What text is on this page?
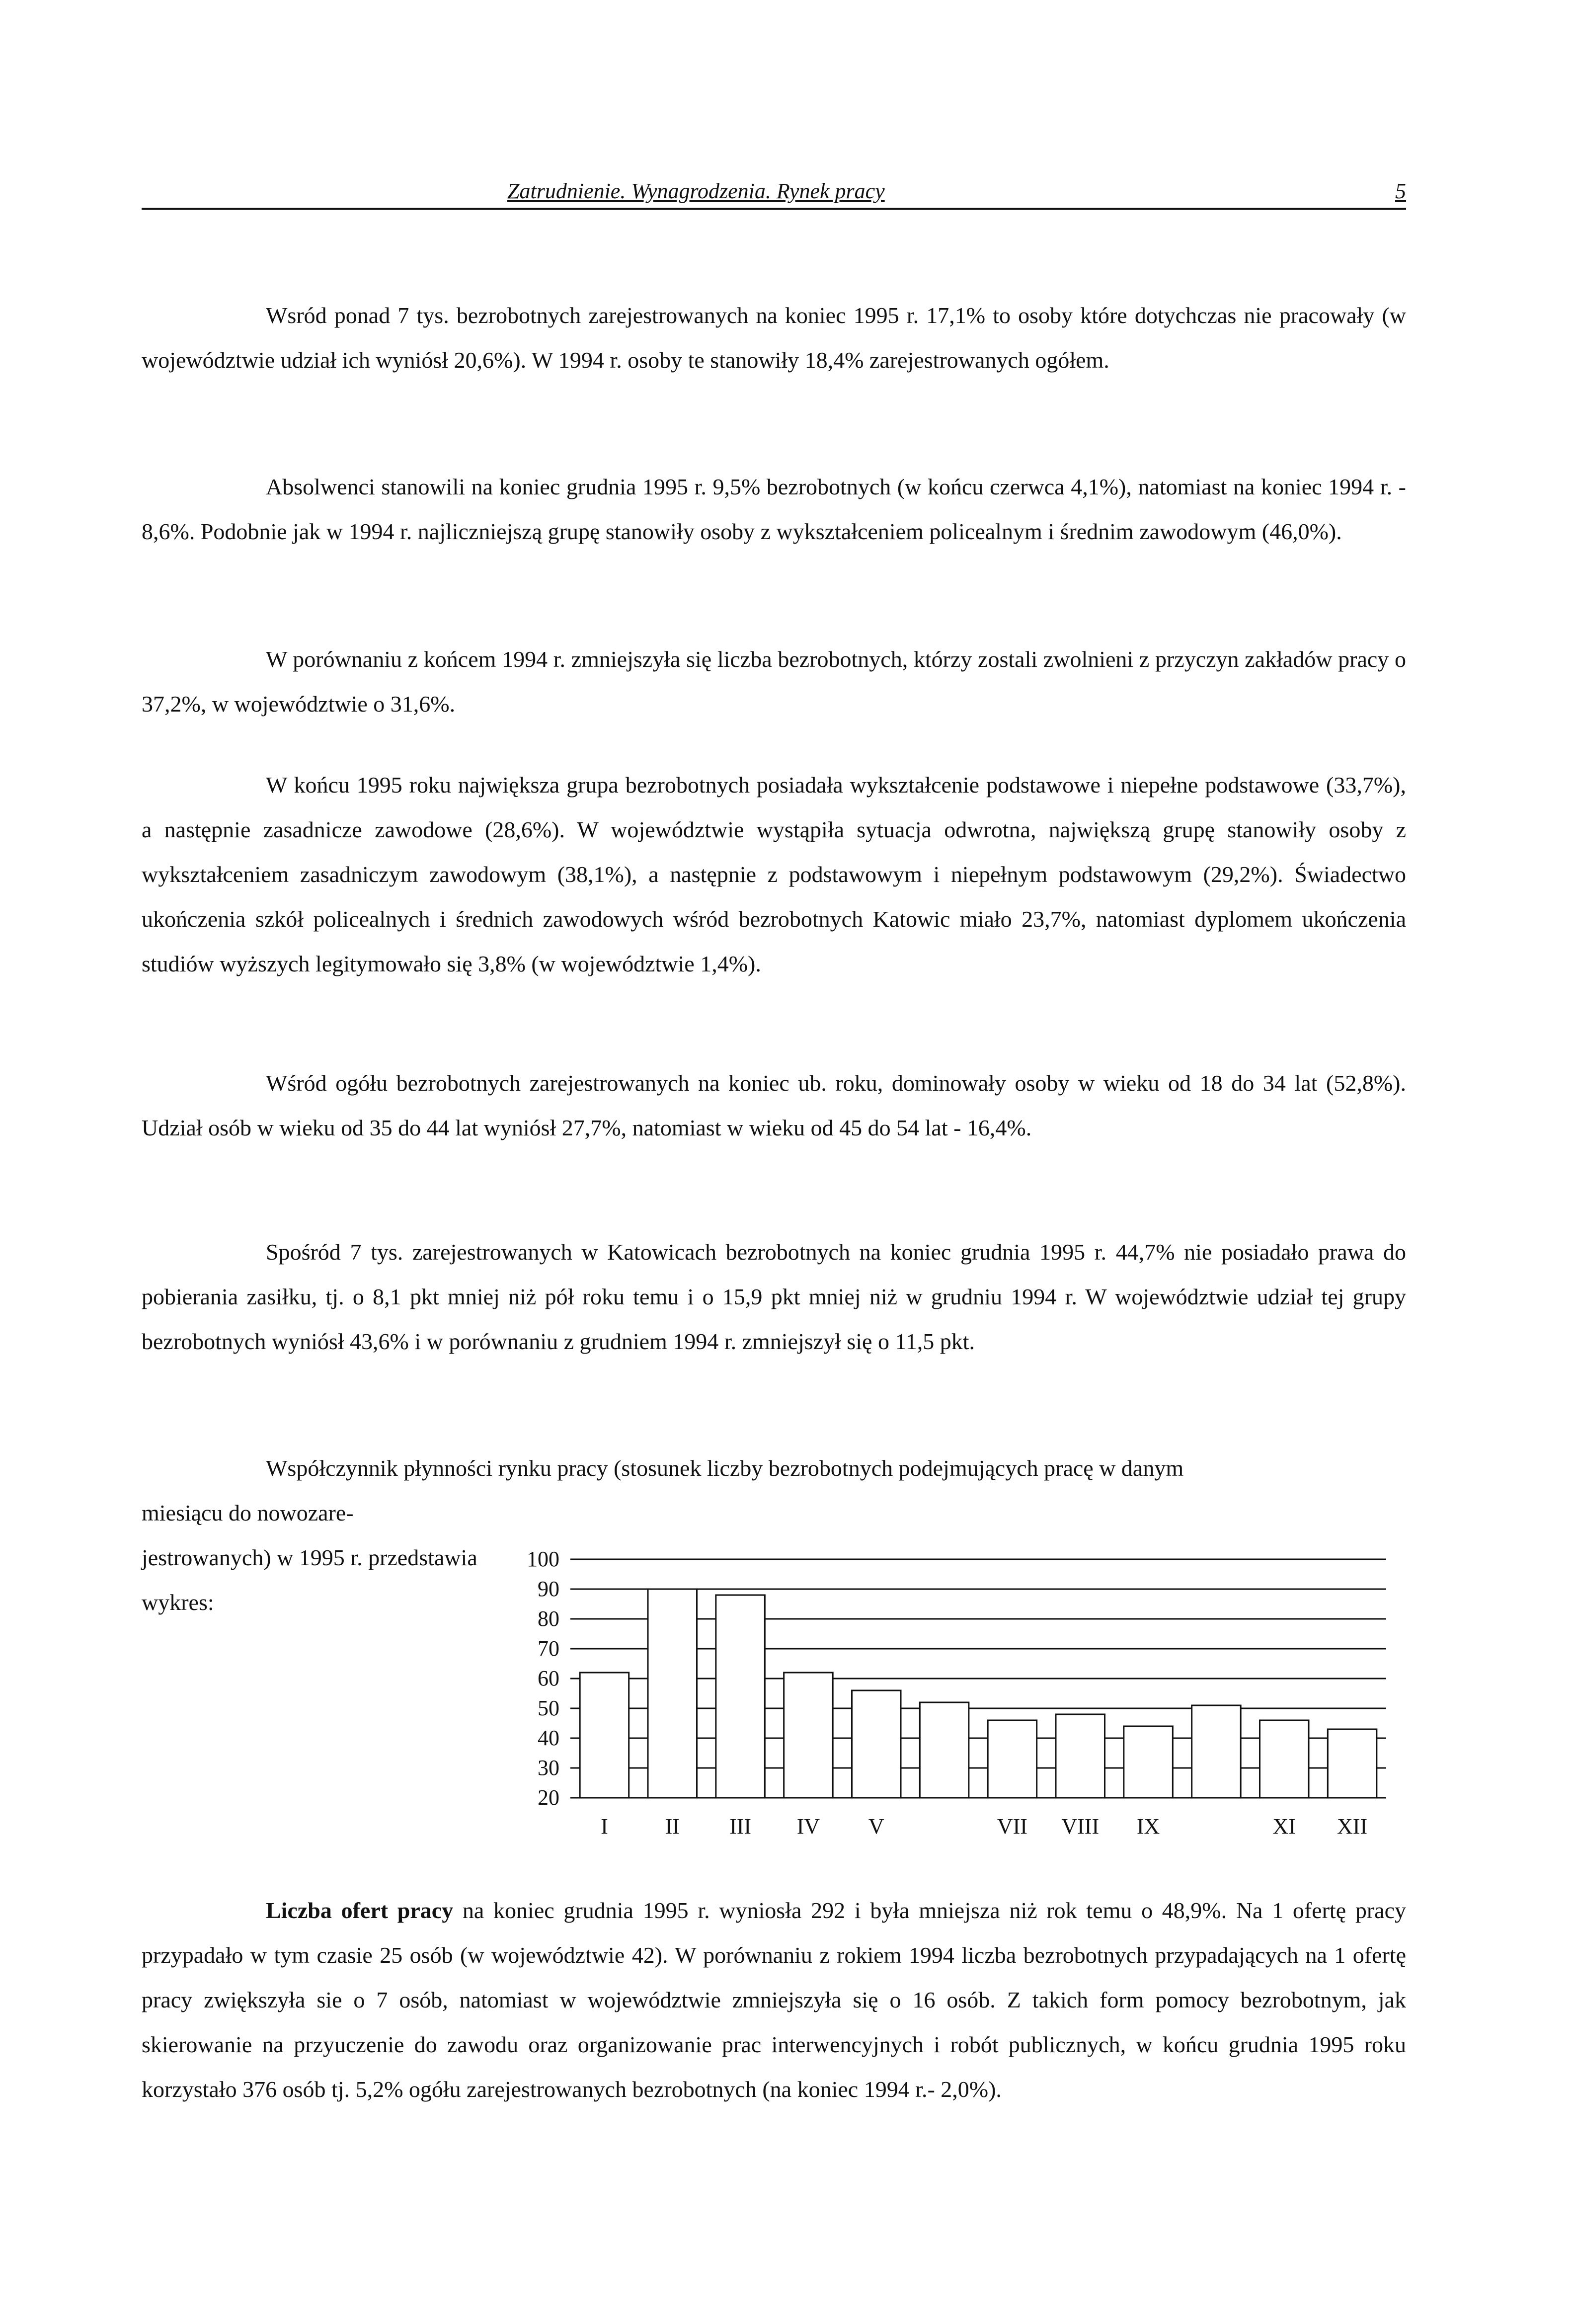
Zatrudnienie. Wynagrodzenia. Rynek pracy	5

Wsród ponad 7 tys. bezrobotnych zarejestrowanych na koniec 1995 r. 17,1% to osoby które dotychczas nie pracowały (w województwie udział ich wyniósł 20,6%). W 1994 r. osoby te stanowiły 18,4% zarejestrowanych ogółem.

Absolwenci stanowili na koniec grudnia 1995 r. 9,5% bezrobotnych (w końcu czerwca 4,1%), natomiast na koniec 1994 r. - 8,6%. Podobnie jak w 1994 r. najliczniejszą grupę stanowiły osoby z wykształceniem policealnym i średnim zawodowym (46,0%).

W porównaniu z końcem 1994 r. zmniejszyła się liczba bezrobotnych, którzy zostali zwolnieni z przyczyn zakładów pracy o 37,2%, w województwie o 31,6%.

W końcu 1995 roku największa grupa bezrobotnych posiadała wykształcenie podstawowe i niepełne podstawowe (33,7%), a następnie zasadnicze zawodowe (28,6%). W województwie wystąpiła sytuacja odwrotna, największą grupę stanowiły osoby z wykształceniem zasadniczym zawodowym (38,1%), a następnie z podstawowym i niepełnym podstawowym (29,2%). Świadectwo ukończenia szkół policealnych i średnich zawodowych wśród bezrobotnych Katowic miało 23,7%, natomiast dyplomem ukończenia studiów wyższych legitymowało się 3,8% (w województwie 1,4%).

Wśród ogółu bezrobotnych zarejestrowanych na koniec ub. roku, dominowały osoby w wieku od 18 do 34 lat (52,8%). Udział osób w wieku od 35 do 44 lat wyniósł 27,7%, natomiast w wieku od 45 do 54 lat - 16,4%.

Spośród 7 tys. zarejestrowanych w Katowicach bezrobotnych na koniec grudnia 1995 r. 44,7% nie posiadało prawa do pobierania zasiłku, tj. o 8,1 pkt mniej niż pół roku temu i o 15,9 pkt mniej niż w grudniu 1994 r. W województwie udział tej grupy bezrobotnych wyniósł 43,6% i w porównaniu z grudniem 1994 r. zmniejszył się o 11,5 pkt.

Współczynnik płynności rynku pracy (stosunek liczby bezrobotnych podejmujących pracę w danym
miesiącu do nowozare-jestrowanych) w 1995 r. przedstawia wykres:

100
90
80
70
60
50
40
30
20
I	II III IV V	VII VIII IX	XI XII

Liczba ofert pracy na koniec grudnia 1995 r. wyniosła 292 i była mniejsza niż rok temu o 48,9%. Na 1 ofertę pracy przypadało w tym czasie 25 osób (w województwie 42). W porównaniu z rokiem 1994 liczba bezrobotnych przypadających na 1 ofertę pracy zwiększyła sie o 7 osób, natomiast w województwie zmniejszyła się o 16 osób. Z takich form pomocy bezrobotnym, jak skierowanie na przyuczenie do zawodu oraz organizowanie prac interwencyjnych i robót publicznych, w końcu grudnia 1995 roku korzystało 376 osób tj. 5,2% ogółu zarejestrowanych bezrobotnych (na koniec 1994 r.- 2,0%).
